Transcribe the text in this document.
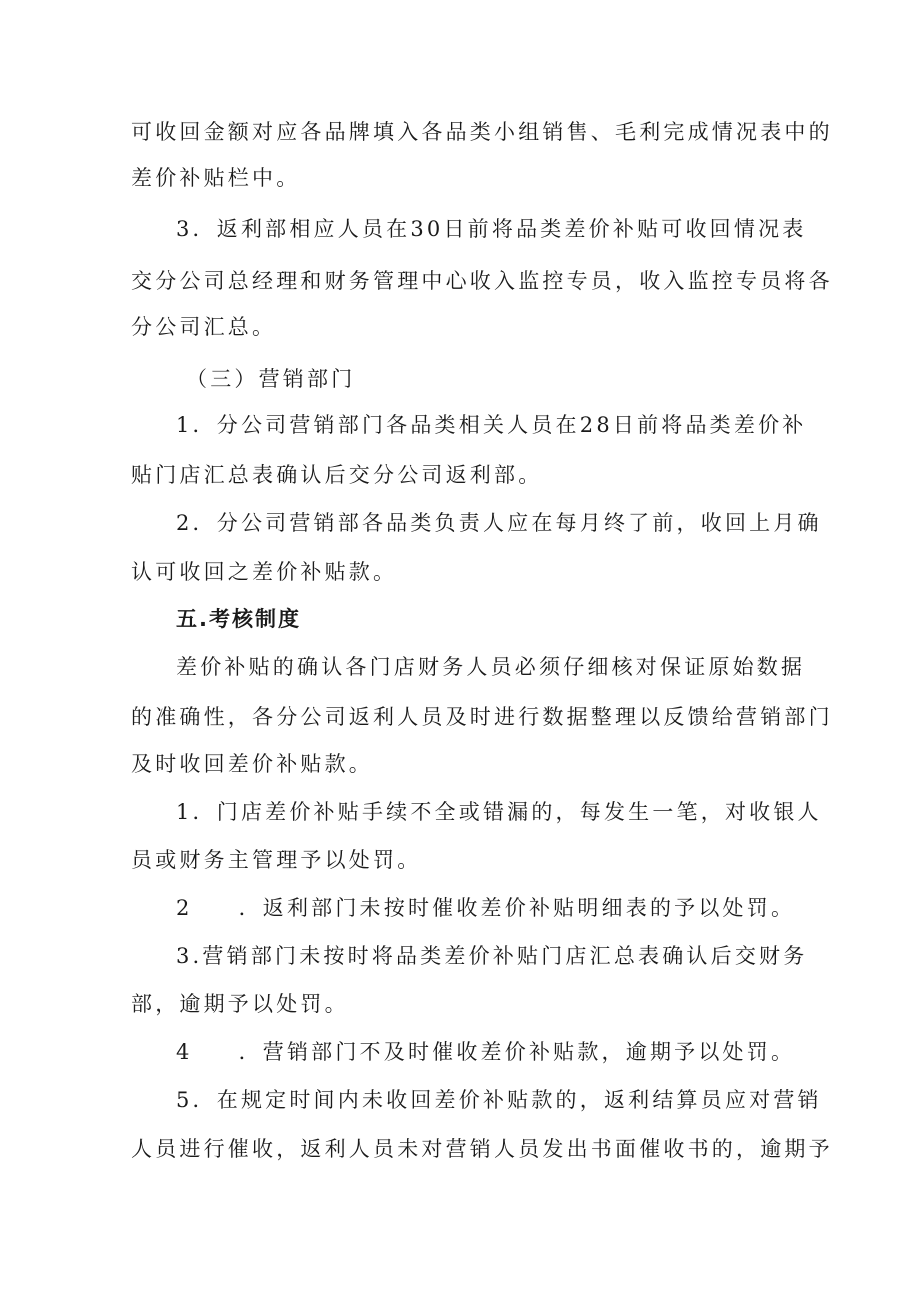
可收回金额对应各品牌填入各品类小组销售、毛利完成情况表中的
差价补贴栏中。
3．返利部相应人员在30日前将品类差价补贴可收回情况表
交分公司总经理和财务管理中心收入监控专员，收入监控专员将各
分公司汇总。
（三）营销部门
1．分公司营销部门各品类相关人员在28日前将品类差价补
贴门店汇总表确认后交分公司返利部。
2．分公司营销部各品类负责人应在每月终了前，收回上月确
认可收回之差价补贴款。
五.考核制度
差价补贴的确认各门店财务人员必须仔细核对保证原始数据
的准确性，各分公司返利人员及时进行数据整理以反馈给营销部门
及时收回差价补贴款。
1．门店差价补贴手续不全或错漏的，每发生一笔，对收银人
员或财务主管理予以处罚。
2 ．返利部门未按时催收差价补贴明细表的予以处罚。
3.营销部门未按时将品类差价补贴门店汇总表确认后交财务
部，逾期予以处罚。
4 ．营销部门不及时催收差价补贴款，逾期予以处罚。
5．在规定时间内未收回差价补贴款的，返利结算员应对营销
人员进行催收，返利人员未对营销人员发出书面催收书的，逾期予
